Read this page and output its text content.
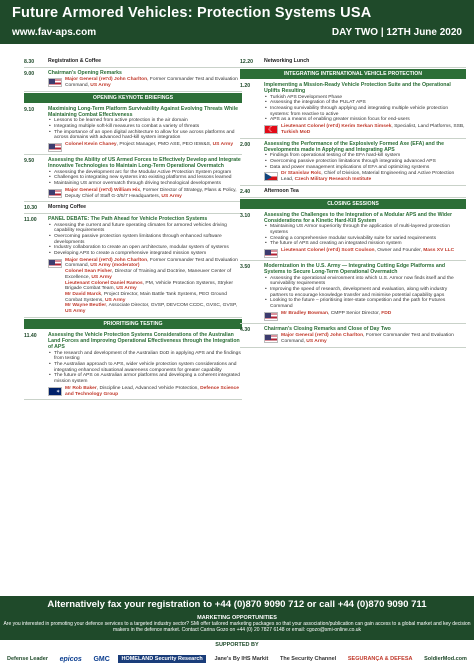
Future Armored Vehicles: Protection Systems USA
www.fav-aps.com	DAY TWO | 12TH June 2020
8.30	Registration & Coffee
9.00	Chairman's Opening Remarks
Major General (ret'd) John Charlton, Former Commander Test and Evaluation Command, US Army
OPENING KEYNOTE BRIEFINGS
9.10	Maximising Long-Term Platform Survivability Against Evolving Threats While Maintaining Combat Effectiveness
• Lessons to be learned from active protection in the air domain
• Integrating multiple soft-kill measures to combat a variety of threats
• The importance of an open digital architecture to allow for use across platforms and across domains with advanced hard-kill system integration
Colonel Kevin Chaney, Project Manager, PMO ASE, PEO IEW&S, US Army
9.50	Assessing the Ability of US Armed Forces to Effectively Develop and Integrate Innovative Technologies to Maintain Long-Term Operational Overmatch
• Assessing the development arc for the Modular Active Protection System program
• Challenges to integrating new systems into existing platforms and lessons learned
• Maintaining US armor overmatch through driving technological developments
Major General (ret'd) William Hix, Former Director of Strategy, Plans & Policy, Deputy Chief of Staff G-3/5/7 Headquarters, US Army
10.30	Morning Coffee
11.00	PANEL DEBATE: The Path Ahead for Vehicle Protection Systems
• Assessing the current and future operating climates for armored vehicles driving capability requirements
• Overcoming passive protection system limitations through enhanced software developments
• Industry collaboration to create an open architecture, modular system of systems
• Developing APS to create a comprehensive integrated mission system
Major General (ret'd) John Charlton, Former Commander Test and Evaluation Command, US Army (moderator)
Colonel Sean Fisher, Director of Training and Doctrine, Maneuver Center of Excellence, US Army
Lieutenant Colonel Daniel Ramos, PM, Vehicle Protection Systems, Stryker Brigade Combat Team, US Army
Mr David Marck, Project Director, Main Battle Tank Systems, PEO Ground Combat Systems, US Army
Mr Wayne Beutler, Associate Director, GVSP, DEVCOM CCDC, GVSC, GVSP, US Army
PRIORITISING TESTING
11.40	Assessing the Vehicle Protection Systems Considerations of the Australian Land Forces and Improving Operational Effectiveness through the Integration of APS
• The research and development of the Australian DoD in applying APS and the findings from testing
• The Australian approach to APS, wider vehicle protection system considerations and integrating enhanced situational awareness components for greater capability
• The future of APS on Australian armor platforms and developing a coherent integrated mission system
✶
Mr Rob Baker, Discipline Lead, Advanced Vehicle Protection, Defence Science and Technology Group
12.20	Networking Lunch
INTEGRATING INTERNATIONAL VEHICLE PROTECTION
1.20	Implementing a Mission-Ready Vehicle Protection Suite and the Operational Uplifts Resulting
• Turkish APS Development Phase
• Assessing the integration of the PULAT APS
• Increasing survivability through applying and integrating multiple vehicle protection systems: from reactive to active
• APS as a means of enabling greater mission focus for end-users
☾
Lieutenant Colonel (ret'd) Kerim Serkan Simsek, Specialist, Land Platforms, SSB, Turkish MoD
2.00	Assessing the Performance of the Explosively Formed Axe (EFA) and the Developments made in Applying and Integrating APS
• Findings from operational testing of the EFA hard-kill system
• Overcoming passive protection limitations through integrating advanced APS
• Data and power management implications of EFA and optimizing systems
Dr Stanislav Rolc, Chief of Division, Material Engineering and Active Protection Lead, Czech Military Research Institute
2.40	Afternoon Tea
CLOSING SESSIONS
3.10	Assessing the Challenges to the Integration of a Modular APS and the Wider Considerations for a Kinetic Hard-Kill System
• Maintaining US Armor superiority through the application of multi-layered protection systems
• Creating a comprehensive modular survivability suite for varied requirements
• The future of APS and creating an integrated mission system
Lieutenant Colonel (ret'd) Scott Coulson, Owner and Founder, Mass XV LLC
3.50	Modernization in the U.S. Army — Integrating Cutting Edge Platforms and Systems to Secure Long-Term Operational Overmatch
• Assessing the operational environment into which U.S. Armor now finds itself and the survivability requirements
• Improving the speed of research, development and evaluation, along with industry partners to encourage knowledge transfer and minimise potential capability gaps
• Looking to the future – prioritising inter-state competition and the path for Futures Command
Mr Bradley Bowman, CMPP Senior Director, FDD
4.30	Chairman's Closing Remarks and Close of Day Two
Major General (ret'd) John Charlton, Former Commander Test and Evaluation Command, US Army
Alternatively fax your registration to +44 (0)870 9090 712 or call +44 (0)870 9090 711
MARKETING OPPORTUNITIES
Are you interested in promoting your defence services to a targeted industry sector? SMi offer tailored marketing packages so that your association/publication can gain access to a global market and key decision makers in the defence market. Contact Carina Gozo on +44 (0) 20 7827 6148 or email: cgozo@smi-online.co.uk
SUPPORTED BY
Defense Leader	epicos	GMC	HOMELAND Security Research	Jane's By IHS Markit	The Security Channel	SEGURANÇA & DEFESA	SoldierMod.com
